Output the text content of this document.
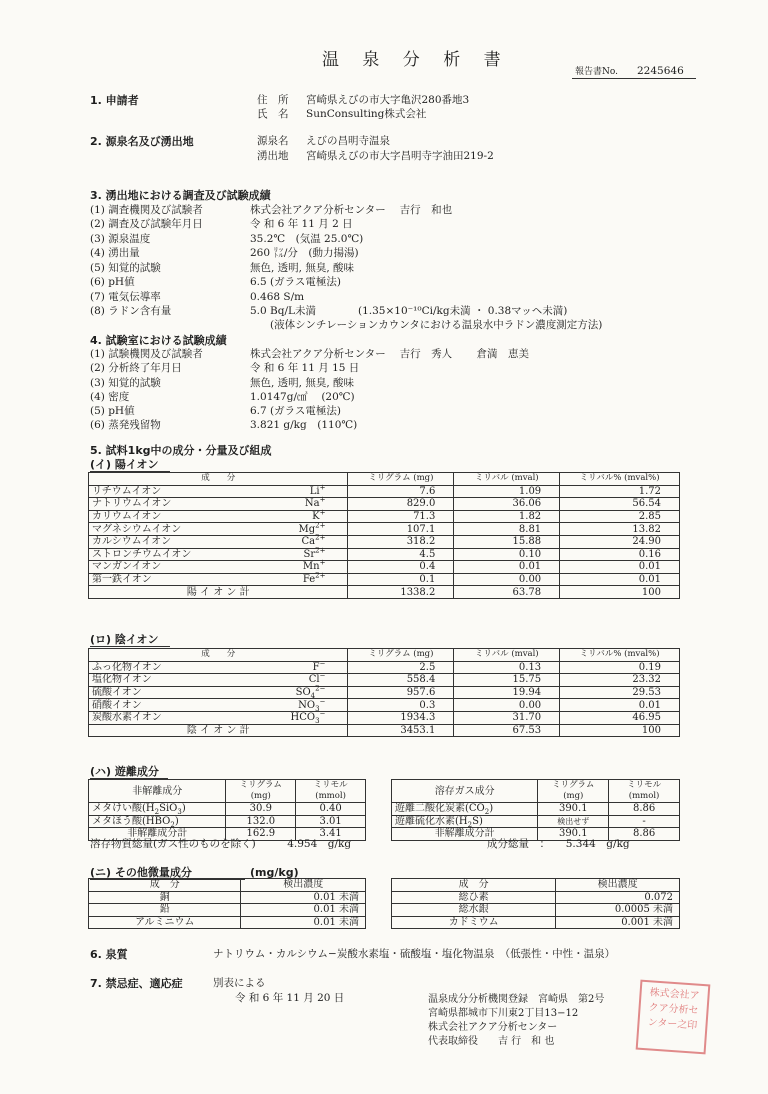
温 泉 分 析 書
報告書No. 2245646
1. 申請者	住　所 宮崎県えびの市大字亀沢280番地3
氏　名 SunConsulting株式会社
2. 源泉名及び湧出地	源泉名 えびの昌明寺温泉
湧出地 宮崎県えびの市大字昌明寺字油田219-2
3. 湧出地における調査及び試験成績
(1) 調査機関及び試験者	株式会社アクア分析センター　 吉行　和也
(2) 調査及び試験年月日	令 和 6 年 11 月 2 日
(3) 源泉温度	35.2℃　(気温 25.0℃)
(4) 湧出量	260 ㍑/分　(動力揚湯)
(5) 知覚的試験	無色, 透明, 無臭, 酸味
(6) pH値	6.5 (ガラス電極法)
(7) 電気伝導率	0.468 S/m
(8) ラドン含有量	5.0 Bq/L未満	(1.35×10⁻¹⁰Ci/kg未満 ・ 0.38マッヘ未満)
(液体シンチレーションカウンタにおける温泉水中ラドン濃度測定方法)
4. 試験室における試験成績
(1) 試験機関及び試験者	株式会社アクア分析センター　 吉行　秀人　　 倉満　恵美
(2) 分析終了年月日	令 和 6 年 11 月 15 日
(3) 知覚的試験	無色, 透明, 無臭, 酸味
(4) 密度	1.0147g/㎤　 (20℃)
(5) pH値	6.7 (ガラス電極法)
(6) 蒸発残留物	3.821 g/kg　(110℃)
5. 試料1kg中の成分・分量及び組成
(イ) 陽イオン
成　　分		ミリグラム (mg)	ミリバル (mval)	ミリバル% (mval%)
リチウムイオン	Li+	7.6	1.09	1.72
ナトリウムイオン	Na+	829.0	36.06	56.54
カリウムイオン	K+	71.3	1.82	2.85
マグネシウムイオン	$Mg^{2+}$	107.1	8.81	13.82
カルシウムイオン	$Ca^{2+}$	318.2	15.88	24.90
ストロンチウムイオン	$Sr^{2+}$	4.5	0.10	0.16
マンガンイオン	Mn+	0.4	0.01	0.01
第一鉄イオン	$Fe^{2+}$	0.1	0.00	0.01
陽 イ オ ン 計		1338.2	63.78	100
(ロ) 陰イオン
成　　分		ミリグラム (mg)	ミリバル (mval)	ミリバル% (mval%)
ふっ化物イオン	F−	2.5	0.13	0.19
塩化物イオン	Cl−	558.4	15.75	23.32
硫酸イオン	$SO_4^{2-}$	957.6	19.94	29.53
硝酸イオン	$NO_3^-$	0.3	0.00	0.01
炭酸水素イオン	$HCO_3^-$	1934.3	31.70	46.95
陰 イ オ ン 計		3453.1	67.53	100
(ハ) 遊離成分
非解離成分	ミリグラム (mg)	ミリモル (mmol)
メタけい酸$(H_2SiO_3)$	30.9	0.40
メタほう酸$(HBO_2)$	132.0	3.01
非解離成分計	162.9	3.41
溶存ガス成分	ミリグラム (mg)	ミリモル (mmol)
遊離二酸化炭素$(CO_2)$	390.1	8.86
遊離硫化水素$(H_2S)$	検出せず	-
非解離成分計	390.1	8.86
溶存物質総量(ガス性のものを除く)　　　4.954　g/kg	成分総量　：　　5.344　g/kg
(ニ) その他微量成分	(mg/kg)
成　分	検出濃度
銅	0.01 未満
鉛	0.01 未満
アルミニウム	0.01 未満
成　分	検出濃度
総ひ素	0.072
総水銀	0.0005 未満
カドミウム	0.001 未満
6. 泉質	ナトリウム・カルシウム−炭酸水素塩・硫酸塩・塩化物温泉　（低張性・中性・温泉）
7. 禁忌症、適応症	別表による
令 和 6 年 11 月 20 日	温泉成分分析機関登録　宮崎県　第2号
宮崎県都城市下川東2丁目13−12
株式会社アクア分析センター
代表取締役　　吉 行　和 也
株式会社アクア分析センター之印
